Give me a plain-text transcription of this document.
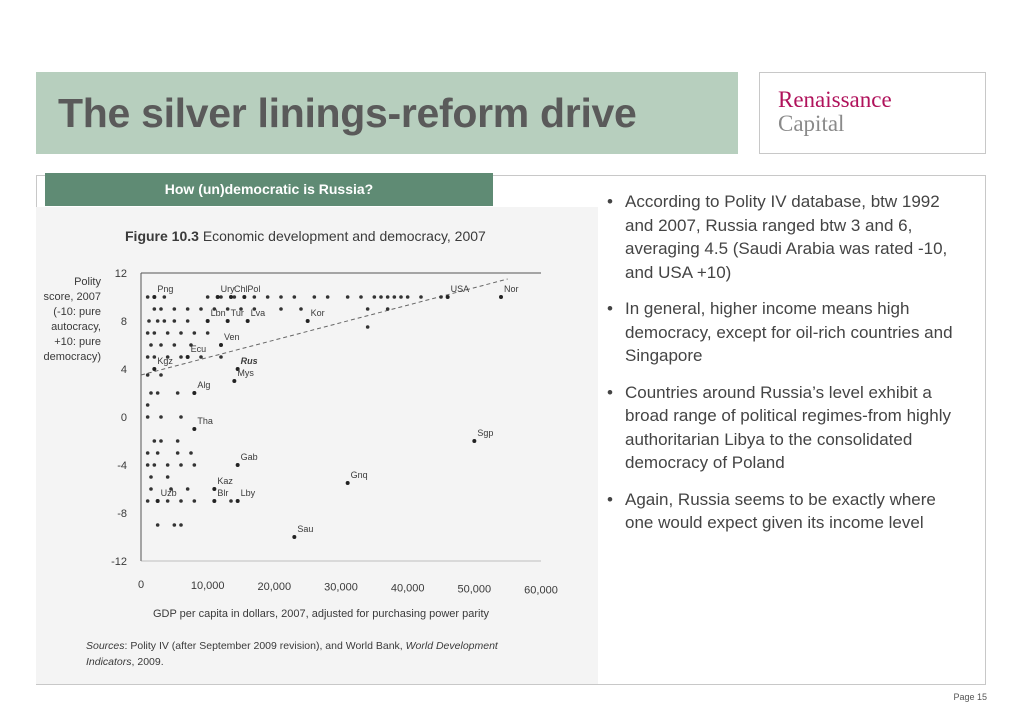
The silver linings-reform drive	Renaissance
Capital
Figure 10.3 Economic development and democracy, 2007
12
8
4
0
-4
-8
-12
0	10,000	20,000	30,000	40,000	50,000	60,000
Polity
score, 2007
(-10: pure
autocracy,
+10: pure
democracy)
GDP per capita in dollars, 2007, adjusted for purchasing power parity
Nor
USA
Kor
Chl Pol
Ury
Png
Lva
Lbn Tur
Ecu
Ven
Kgz	Rus
Alg
Mys
Tha
Sgp
Gab
Gnq
Kaz
Lby
Uzb	Blr
Sau
Sources: Polity IV (after September 2009 revision), and World Bank, World Development
Indicators, 2009.
How (un)democratic is Russia?
• According to Polity IV database, btw 1992 and 2007, Russia ranged btw 3 and 6, averaging 4.5 (Saudi Arabia was rated -10, and USA +10)
• In general, higher income means high democracy, except for oil-rich countries and Singapore
• Countries around Russia’s level exhibit a broad range of political regimes-from highly authoritarian Libya to the consolidated democracy of Poland
• Again, Russia seems to be exactly where one would expect given its income level
Page 15
